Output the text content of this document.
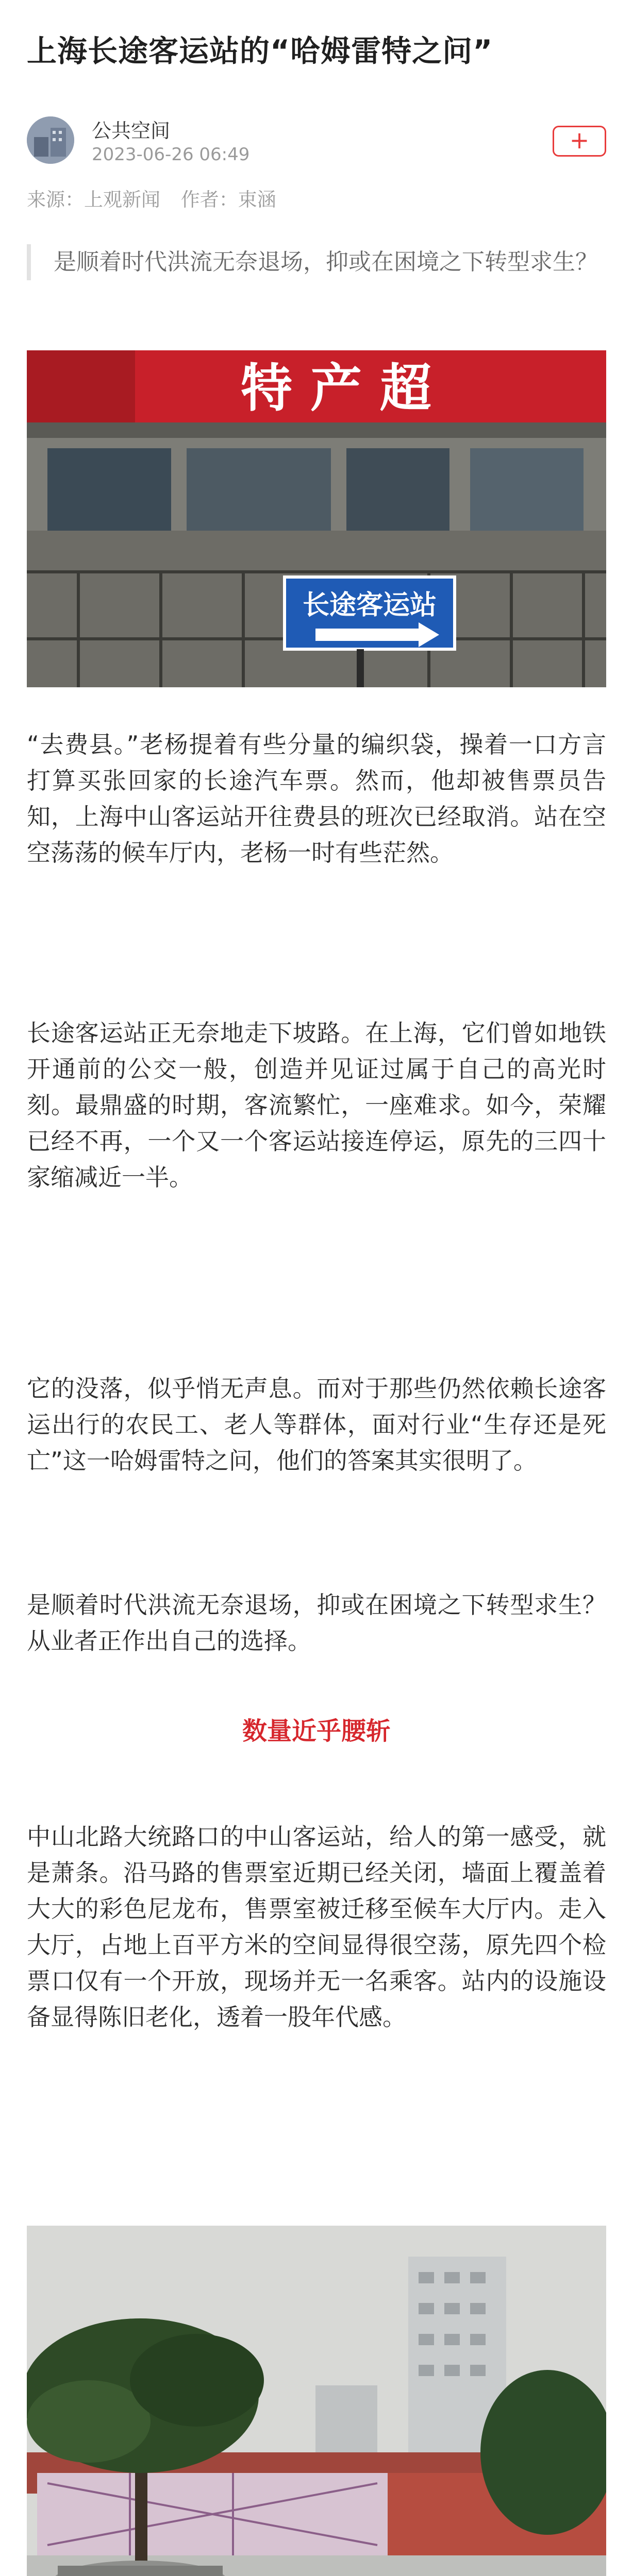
上海长途客运站的“哈姆雷特之问”
公共空间
2023-06-26 06:49
+
来源：上观新闻 作者：束涵
是顺着时代洪流无奈退场，抑或在困境之下转型求生？
特 产 超
长途客运站
“去费县。”老杨提着有些分量的编织袋，操着一口方言打算买张回家的长途汽车票。然而，他却被售票员告知，上海中山客运站开往费县的班次已经取消。站在空空荡荡的候车厅内，老杨一时有些茫然。
长途客运站正无奈地走下坡路。在上海，它们曾如地铁开通前的公交一般，创造并见证过属于自己的高光时刻。最鼎盛的时期，客流繁忙，一座难求。如今，荣耀已经不再，一个又一个客运站接连停运，原先的三四十家缩减近一半。
它的没落，似乎悄无声息。而对于那些仍然依赖长途客运出行的农民工、老人等群体，面对行业“生存还是死亡”这一哈姆雷特之问，他们的答案其实很明了。
是顺着时代洪流无奈退场，抑或在困境之下转型求生？从业者正作出自己的选择。
数量近乎腰斩
中山北路大统路口的中山客运站，给人的第一感受，就是萧条。沿马路的售票室近期已经关闭，墙面上覆盖着大大的彩色尼龙布，售票室被迁移至候车大厅内。走入大厅，占地上百平方米的空间显得很空荡，原先四个检票口仅有一个开放，现场并无一名乘客。站内的设施设备显得陈旧老化，透着一股年代感。
